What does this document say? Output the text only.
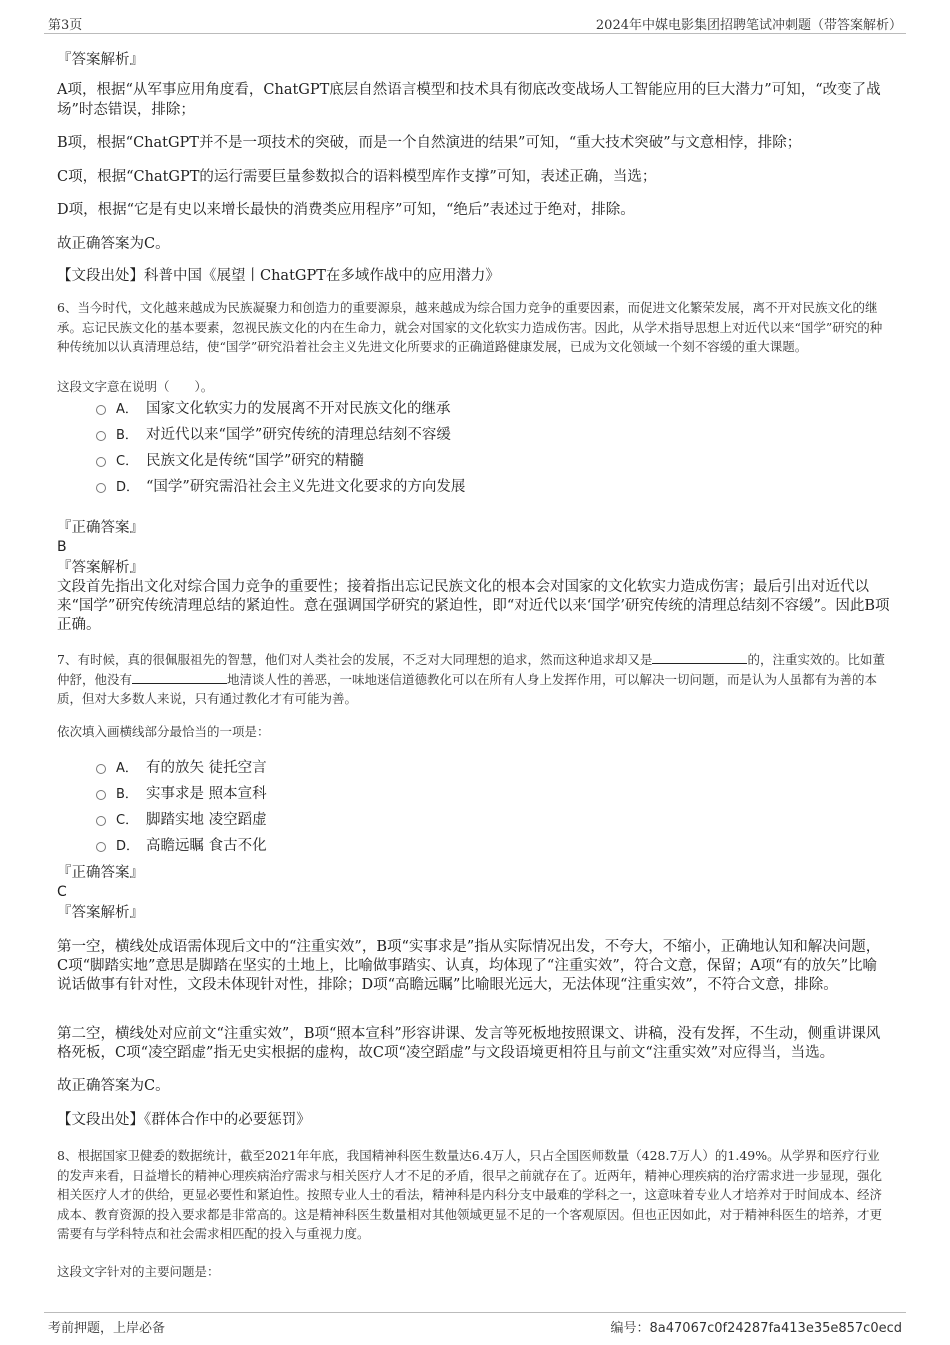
第3页	2024年中媒电影集团招聘笔试冲刺题（带答案解析）
『答案解析』
A项，根据“从军事应用角度看，ChatGPT底层自然语言模型和技术具有彻底改变战场人工智能应用的巨大潜力”可知，“改变了战场”时态错误，排除；
B项，根据“ChatGPT并不是一项技术的突破，而是一个自然演进的结果”可知，“重大技术突破”与文意相悖，排除；
C项，根据“ChatGPT的运行需要巨量参数拟合的语料模型库作支撑”可知，表述正确，当选；
D项，根据“它是有史以来增长最快的消费类应用程序”可知，“绝后”表述过于绝对，排除。
故正确答案为C。
【文段出处】科普中国《展望丨ChatGPT在多域作战中的应用潜力》
6、当今时代，文化越来越成为民族凝聚力和创造力的重要源泉，越来越成为综合国力竞争的重要因素，而促进文化繁荣发展，离不开对民族文化的继承。忘记民族文化的基本要素，忽视民族文化的内在生命力，就会对国家的文化软实力造成伤害。因此，从学术指导思想上对近代以来“国学”研究的种种传统加以认真清理总结，使“国学”研究沿着社会主义先进文化所要求的正确道路健康发展，已成为文化领域一个刻不容缓的重大课题。
这段文字意在说明（　　）。
A． 国家文化软实力的发展离不开对民族文化的继承
B． 对近代以来“国学”研究传统的清理总结刻不容缓
C． 民族文化是传统“国学”研究的精髓
D． “国学”研究需沿社会主义先进文化要求的方向发展
『正确答案』
B
『答案解析』
文段首先指出文化对综合国力竞争的重要性；接着指出忘记民族文化的根本会对国家的文化软实力造成伤害；最后引出对近代以来“国学”研究传统清理总结的紧迫性。意在强调国学研究的紧迫性，即“对近代以来‘国学’研究传统的清理总结刻不容缓”。因此B项正确。
7、有时候，真的很佩服祖先的智慧，他们对人类社会的发展，不乏对大同理想的追求，然而这种追求却又是	的，注重实效的。比如董仲舒，他没有	地清谈人性的善恶，一味地迷信道德教化可以在所有人身上发挥作用，可以解决一切问题，而是认为人虽都有为善的本质，但对大多数人来说，只有通过教化才有可能为善。
依次填入画横线部分最恰当的一项是：
A． 有的放矢 徒托空言
B． 实事求是 照本宣科
C． 脚踏实地 凌空蹈虚
D． 高瞻远瞩 食古不化
『正确答案』
C
『答案解析』
第一空，横线处成语需体现后文中的“注重实效”，B项“实事求是”指从实际情况出发，不夸大，不缩小，正确地认知和解决问题，C项“脚踏实地”意思是脚踏在坚实的土地上，比喻做事踏实、认真，均体现了“注重实效”，符合文意，保留；A项“有的放矢”比喻说话做事有针对性，文段未体现针对性，排除；D项“高瞻远瞩”比喻眼光远大，无法体现“注重实效”，不符合文意，排除。
第二空，横线处对应前文“注重实效”，B项“照本宣科”形容讲课、发言等死板地按照课文、讲稿，没有发挥，不生动，侧重讲课风格死板，C项“凌空蹈虚”指无史实根据的虚构，故C项“凌空蹈虚”与文段语境更相符且与前文“注重实效”对应得当，当选。
故正确答案为C。
【文段出处】《群体合作中的必要惩罚》
8、根据国家卫健委的数据统计，截至2021年年底，我国精神科医生数量达6.4万人，只占全国医师数量（428.7万人）的1.49%。从学界和医疗行业的发声来看，日益增长的精神心理疾病治疗需求与相关医疗人才不足的矛盾，很早之前就存在了。近两年，精神心理疾病的治疗需求进一步显现，强化相关医疗人才的供给，更显必要性和紧迫性。按照专业人士的看法，精神科是内科分支中最难的学科之一，这意味着专业人才培养对于时间成本、经济成本、教育资源的投入要求都是非常高的。这是精神科医生数量相对其他领域更显不足的一个客观原因。但也正因如此，对于精神科医生的培养，才更需要有与学科特点和社会需求相匹配的投入与重视力度。
这段文字针对的主要问题是：
考前押题，上岸必备	编号：8a47067c0f24287fa413e35e857c0ecd
